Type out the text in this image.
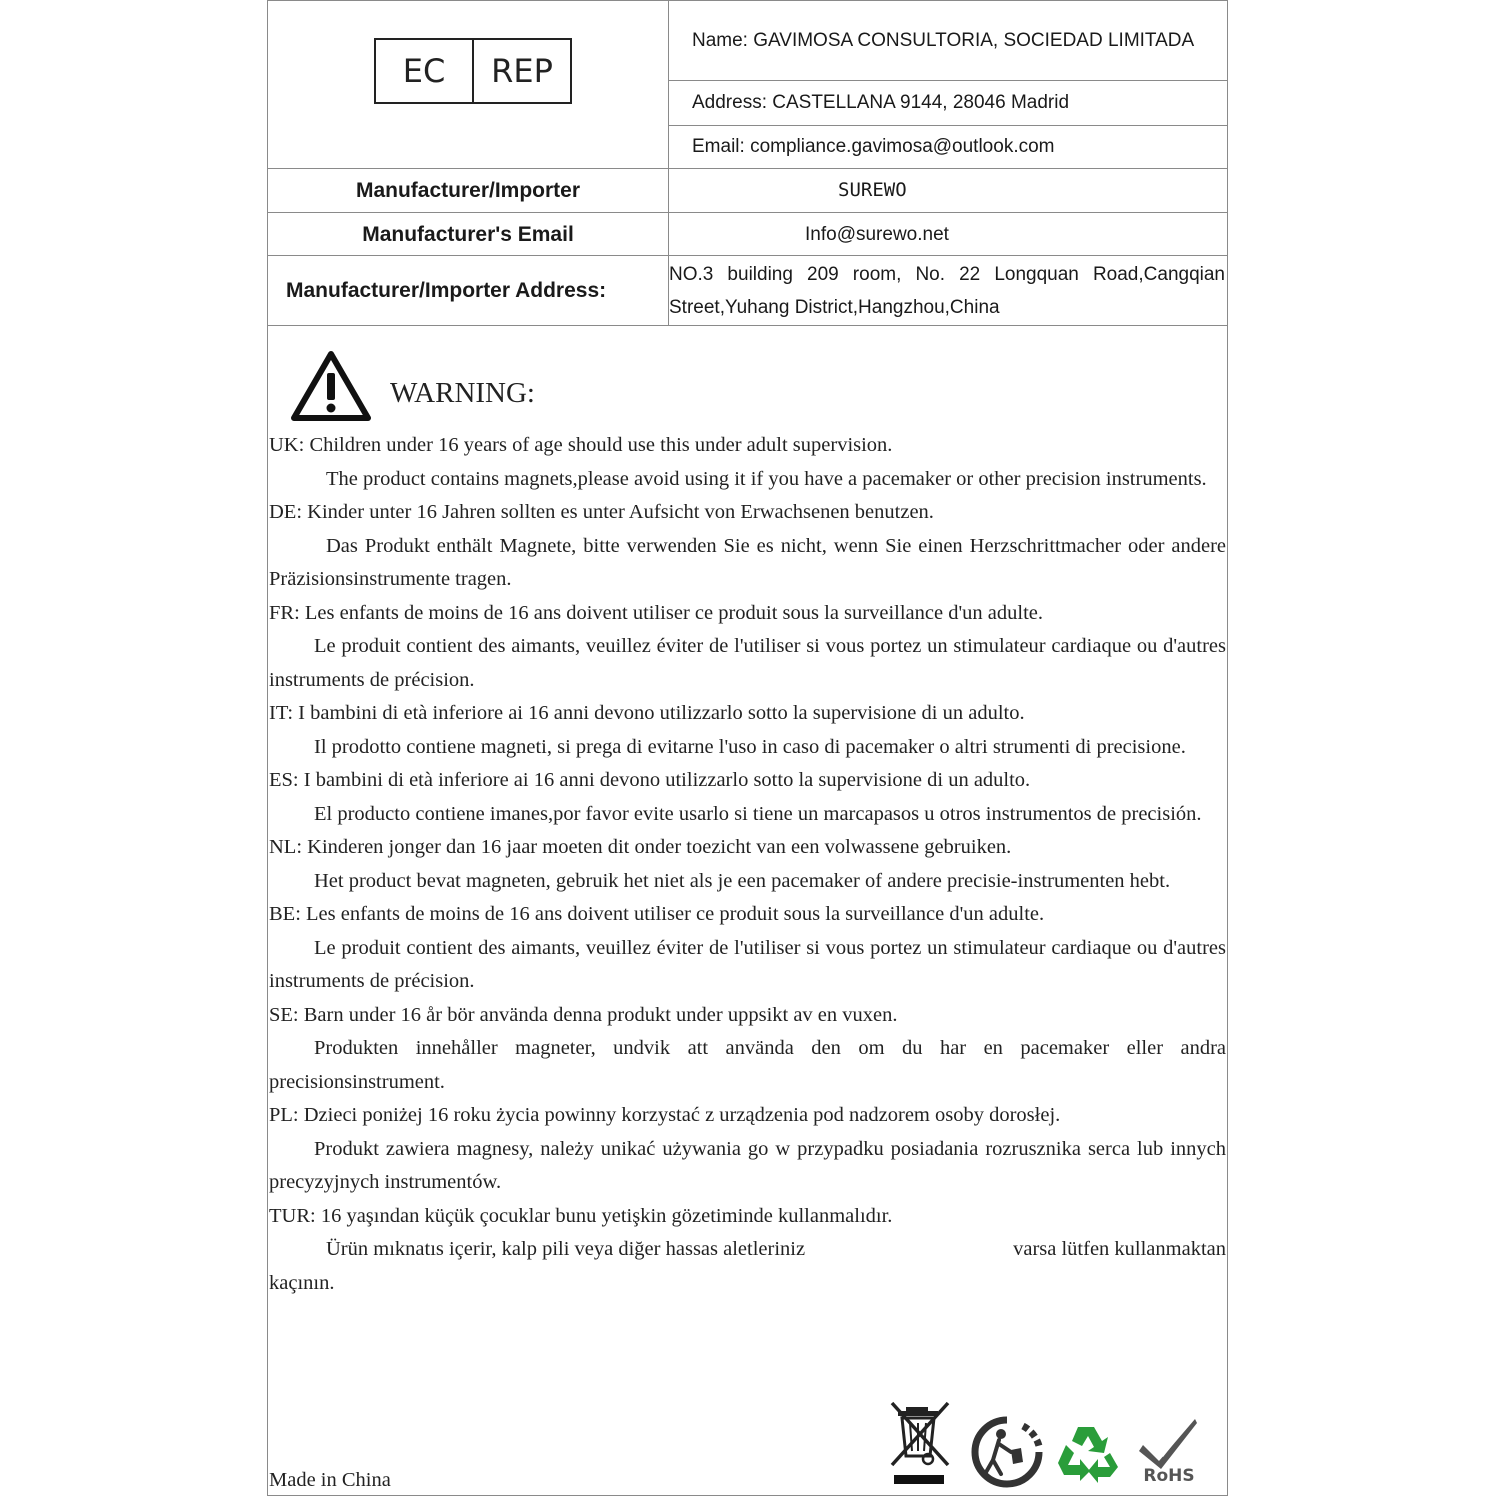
EC	REP
Name: GAVIMOSA CONSULTORIA, SOCIEDAD LIMITADA
Address: CASTELLANA 9144, 28046 Madrid
Email: compliance.gavimosa@outlook.com
Manufacturer/Importer	SUREWO
Manufacturer's Email	Info@surewo.net
Manufacturer/Importer Address:
NO.3 building 209 room, No. 22 Longquan Road,Cangqian Street,Yuhang District,Hangzhou,China
WARNING:

UK: Children under 16 years of age should use this under adult supervision.

The product contains magnets,please avoid using it if you have a pacemaker or other precision instruments.

DE: Kinder unter 16 Jahren sollten es unter Aufsicht von Erwachsenen benutzen.

Das Produkt enthält Magnete, bitte verwenden Sie es nicht, wenn Sie einen Herzschrittmacher oder andere Präzisionsinstrumente tragen.

FR: Les enfants de moins de 16 ans doivent utiliser ce produit sous la surveillance d'un adulte.

Le produit contient des aimants, veuillez éviter de l'utiliser si vous portez un stimulateur cardiaque ou d'autres instruments de précision.

IT: I bambini di età inferiore ai 16 anni devono utilizzarlo sotto la supervisione di un adulto.

Il prodotto contiene magneti, si prega di evitarne l'uso in caso di pacemaker o altri strumenti di precisione.

ES: I bambini di età inferiore ai 16 anni devono utilizzarlo sotto la supervisione di un adulto.

El producto contiene imanes,por favor evite usarlo si tiene un marcapasos u otros instrumentos de precisión.

NL: Kinderen jonger dan 16 jaar moeten dit onder toezicht van een volwassene gebruiken.

Het product bevat magneten, gebruik het niet als je een pacemaker of andere precisie-instrumenten hebt.

BE: Les enfants de moins de 16 ans doivent utiliser ce produit sous la surveillance d'un adulte.

Le produit contient des aimants, veuillez éviter de l'utiliser si vous portez un stimulateur cardiaque ou d'autres instruments de précision.

SE: Barn under 16 år bör använda denna produkt under uppsikt av en vuxen.

Produkten innehåller magneter, undvik att använda den om du har en pacemaker eller andra precisionsinstrument.

PL: Dzieci poniżej 16 roku życia powinny korzystać z urządzenia pod nadzorem osoby dorosłej.

Produkt zawiera magnesy, należy unikać używania go w przypadku posiadania rozrusznika serca lub innych precyzyjnych instrumentów.

TUR: 16 yaşından küçük çocuklar bunu yetişkin gözetiminde kullanmalıdır.

Ürün mıknatıs içerir, kalp pili veya diğer hassas aletleriniz	varsa lütfen kullanmaktan

kaçının.

Made in China	RoHS
